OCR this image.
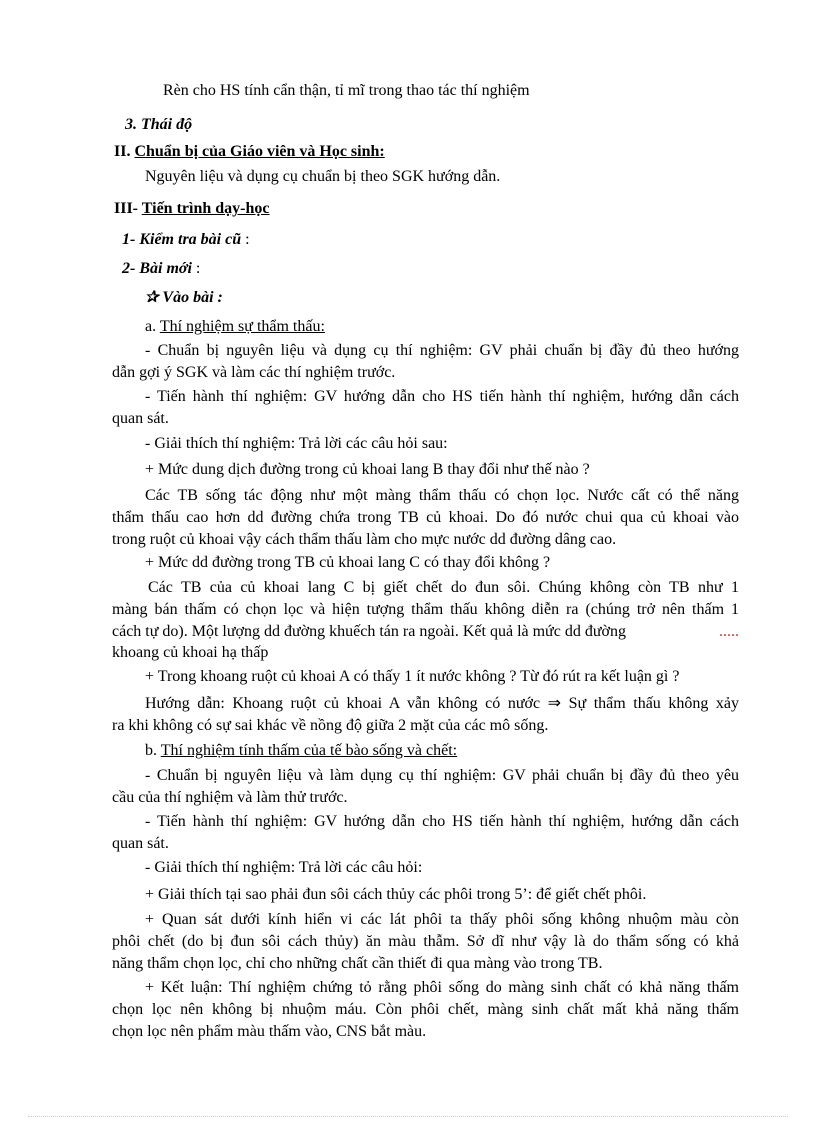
Rèn cho HS tính cẩn thận, tỉ mĩ trong thao tác thí nghiệm
3. Thái độ
II. Chuẩn bị của Giáo viên và Học sinh:
Nguyên liệu và dụng cụ chuẩn bị theo SGK hướng dẫn.
III- Tiến trình dạy-học
1- Kiểm tra bài cũ :
2- Bài mới :
✰ Vào bài :
a. Thí nghiệm sự thẩm thấu:
- Chuẩn bị nguyên liệu và dụng cụ thí nghiệm: GV phải chuẩn bị đầy đủ theo hướng
dẫn gợi ý SGK và làm các thí nghiệm trước.
- Tiến hành thí nghiệm: GV hướng dẫn cho HS tiến hành thí nghiệm, hướng dẫn cách
quan sát.
- Giải thích thí nghiệm: Trả lời các câu hỏi sau:
+ Mức dung dịch đường trong củ khoai lang B thay đổi như thế nào ?
Các TB sống tác động như một màng thẩm thấu có chọn lọc. Nước cất có thể năng
thẩm thấu cao hơn dd đường chứa trong TB củ khoai. Do đó nước chui qua củ khoai vào
trong ruột củ khoai vậy cách thẩm thấu làm cho mực nước dd đường dâng cao.
+ Mức dd đường trong TB củ khoai lang C có thay đổi không ?
Các TB của củ khoai lang C bị giết chết do đun sôi. Chúng không còn TB như 1
màng bán thấm có chọn lọc và hiện tượng thẩm thấu không diễn ra (chúng trở nên thấm 1
cách tự do). Một lượng dd đường khuếch tán ra ngoài. Kết quả là mức dd đường	.....
khoang củ khoai hạ thấp
+ Trong khoang ruột củ khoai A có thấy 1 ít nước không ? Từ đó rút ra kết luận gì ?
Hướng dẫn: Khoang ruột củ khoai A vẫn không có nước ⇒ Sự thẩm thấu không xảy
ra khi không có sự sai khác về nồng độ giữa 2 mặt của các mô sống.
b. Thí nghiệm tính thấm của tế bào sống và chết:
- Chuẩn bị nguyên liệu và làm dụng cụ thí nghiệm: GV phải chuẩn bị đầy đủ theo yêu
cầu của thí nghiệm và làm thử trước.
- Tiến hành thí nghiệm: GV hướng dẫn cho HS tiến hành thí nghiệm, hướng dẫn cách
quan sát.
- Giải thích thí nghiệm: Trả lời các câu hỏi:
+ Giải thích tại sao phải đun sôi cách thủy các phôi trong 5’: để giết chết phôi.
+ Quan sát dưới kính hiển vi các lát phôi ta thấy phôi sống không nhuộm màu còn
phôi chết (do bị đun sôi cách thủy) ăn màu thẫm. Sở dĩ như vậy là do thẩm sống có khả
năng thẩm chọn lọc, chỉ cho những chất cần thiết đi qua màng vào trong TB.
+ Kết luận: Thí nghiệm chứng tỏ rằng phôi sống do màng sinh chất có khả năng thấm
chọn lọc nên không bị nhuộm máu. Còn phôi chết, màng sinh chất mất khả năng thấm
chọn lọc nên phẩm màu thấm vào, CNS bắt màu.
